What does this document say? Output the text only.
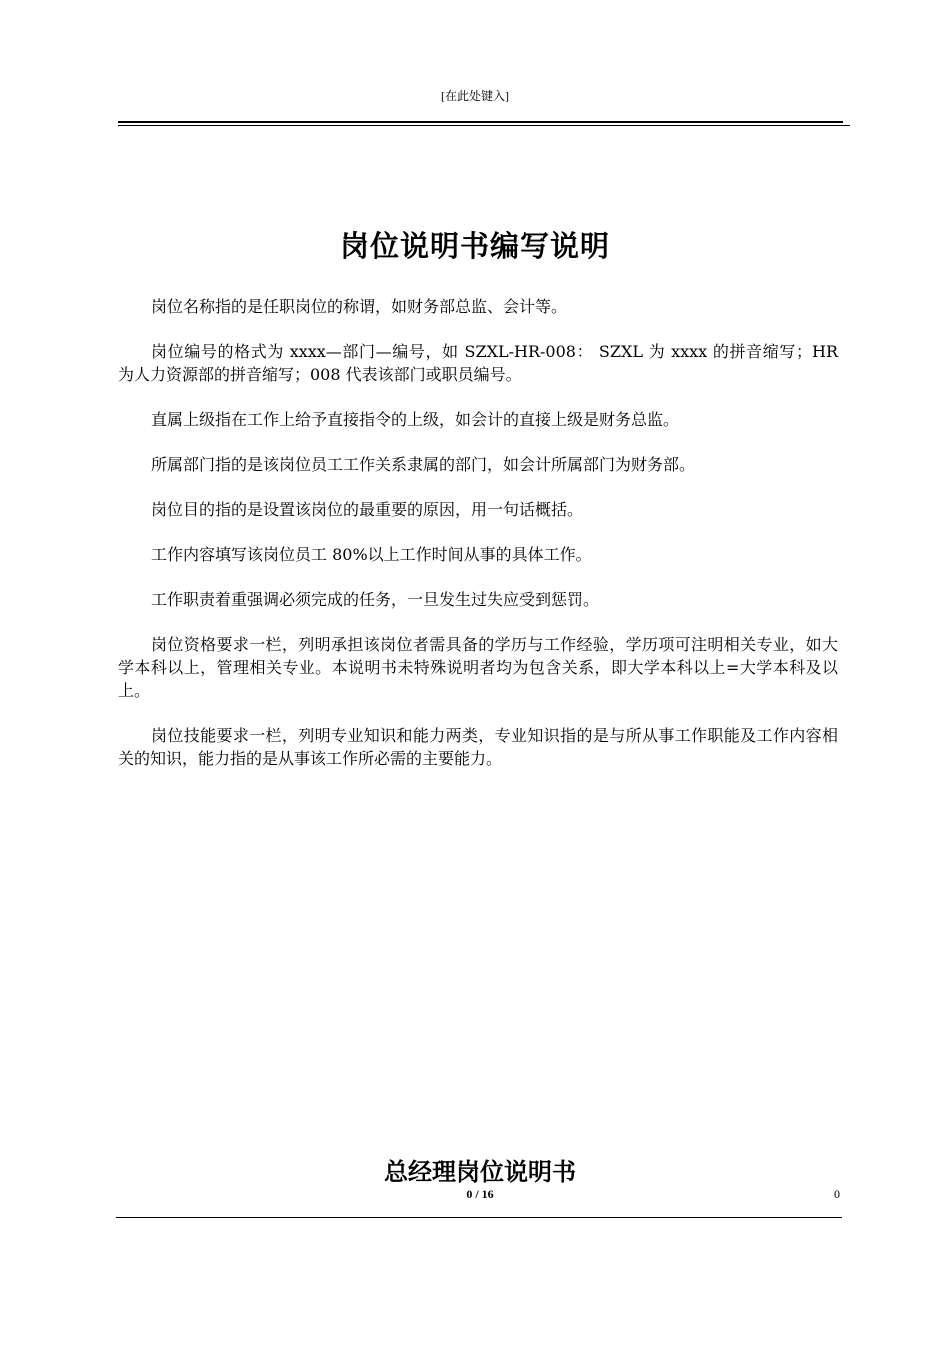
[在此处键入]
岗位说明书编写说明

岗位名称指的是任职岗位的称谓，如财务部总监、会计等。

岗位编号的格式为 xxxx—部门—编号，如 SZXL-HR-008： SZXL 为 xxxx 的拼音缩写；HR 为人力资源部的拼音缩写；008 代表该部门或职员编号。

直属上级指在工作上给予直接指令的上级，如会计的直接上级是财务总监。

所属部门指的是该岗位员工工作关系隶属的部门，如会计所属部门为财务部。

岗位目的指的是设置该岗位的最重要的原因，用一句话概括。

工作内容填写该岗位员工 80%以上工作时间从事的具体工作。

工作职责着重强调必须完成的任务，一旦发生过失应受到惩罚。

岗位资格要求一栏，列明承担该岗位者需具备的学历与工作经验，学历项可注明相关专业，如大学本科以上，管理相关专业。本说明书未特殊说明者均为包含关系，即大学本科以上=大学本科及以上。

岗位技能要求一栏，列明专业知识和能力两类，专业知识指的是与所从事工作职能及工作内容相关的知识，能力指的是从事该工作所必需的主要能力。

总经理岗位说明书
0 / 16	0
